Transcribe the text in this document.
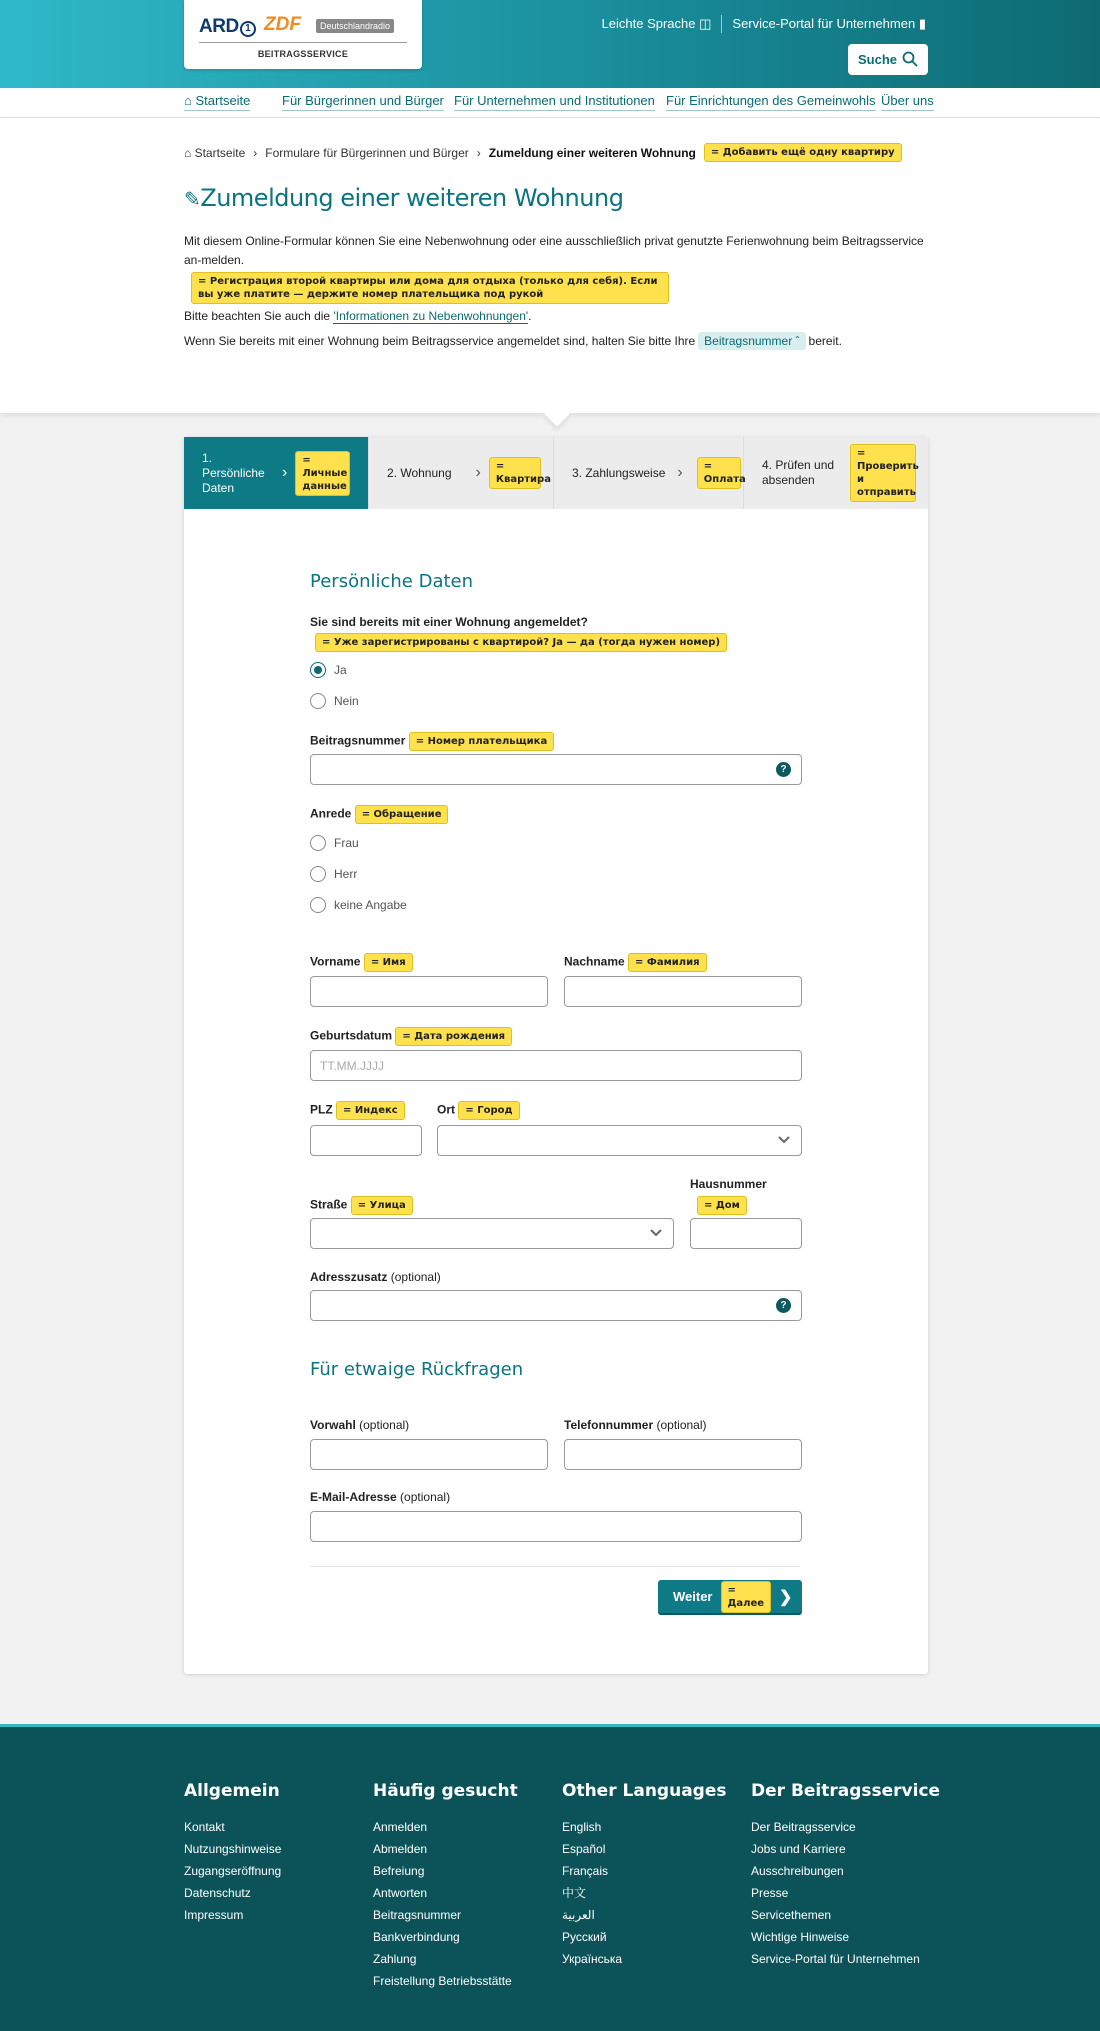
ARD 1 ZDF	Deutschlandradio
BEITRAGSSERVICE
Leichte Sprache ◫ Service-Portal für Unternehmen ▮
Suche
⌂ Startseite Für Bürgerinnen und Bürger Für Unternehmen und Institutionen Für Einrichtungen des Gemeinwohls Über uns
⌂ Startseite › Formulare für Bürgerinnen und Bürger › Zumeldung einer weiteren Wohnung	= Добавить ещё одну квартиру
✎Zumeldung einer weiteren Wohnung

Mit diesem Online-Formular können Sie eine Nebenwohnung oder eine ausschließlich privat genutzte Ferienwohnung beim Beitragsservice an-melden.

= Регистрация второй квартиры или дома для отдыха (только для себя). Если вы уже платите — держите номер плательщика под рукой

Bitte beachten Sie auch die 'Informationen zu Nebenwohnungen'.

Wenn Sie bereits mit einer Wohnung beim Beitragsservice angemeldet sind, halten Sie bitte Ihre Beitragsnummer ˆ bereit.

1. Persönliche Daten
›
= Личные данные
2. Wohnung ›	= Квартира 3. Zahlungsweise ›	= Оплата
4. Prüfen und absenden
= Проверить и отправить
Persönliche Daten
Sie sind bereits mit einer Wohnung angemeldet?
= Уже зарегистрированы с квартирой? Ja — да (тогда нужен номер)
Ja
Nein
Beitragsnummer = Номер плательщика
?
Anrede = Обращение
Frau
Herr
keine Angabe
Vorname = Имя	Nachname = Фамилия
Geburtsdatum = Дата рождения
TT.MM.JJJJ
PLZ = Индекс	Ort = Город
Hausnummer
= Дом
Straße = Улица
Adresszusatz (optional)
?
Für etwaige Rückfragen
Vorwahl (optional)	Telefonnummer (optional)
E-Mail-Adresse (optional)
Weiter	= Далее ❯
Allgemein
Kontakt
Nutzungshinweise
Zugangseröffnung
Datenschutz
Impressum
Häufig gesucht
Anmelden
Abmelden
Befreiung
Antworten
Beitragsnummer
Bankverbindung
Zahlung
Freistellung Betriebsstätte
Other Languages
English
Español
Français
中文
العربية
Русский
Українська
Der Beitragsservice
Der Beitragsservice
Jobs und Karriere
Ausschreibungen
Presse
Servicethemen
Wichtige Hinweise
Service-Portal für Unternehmen
